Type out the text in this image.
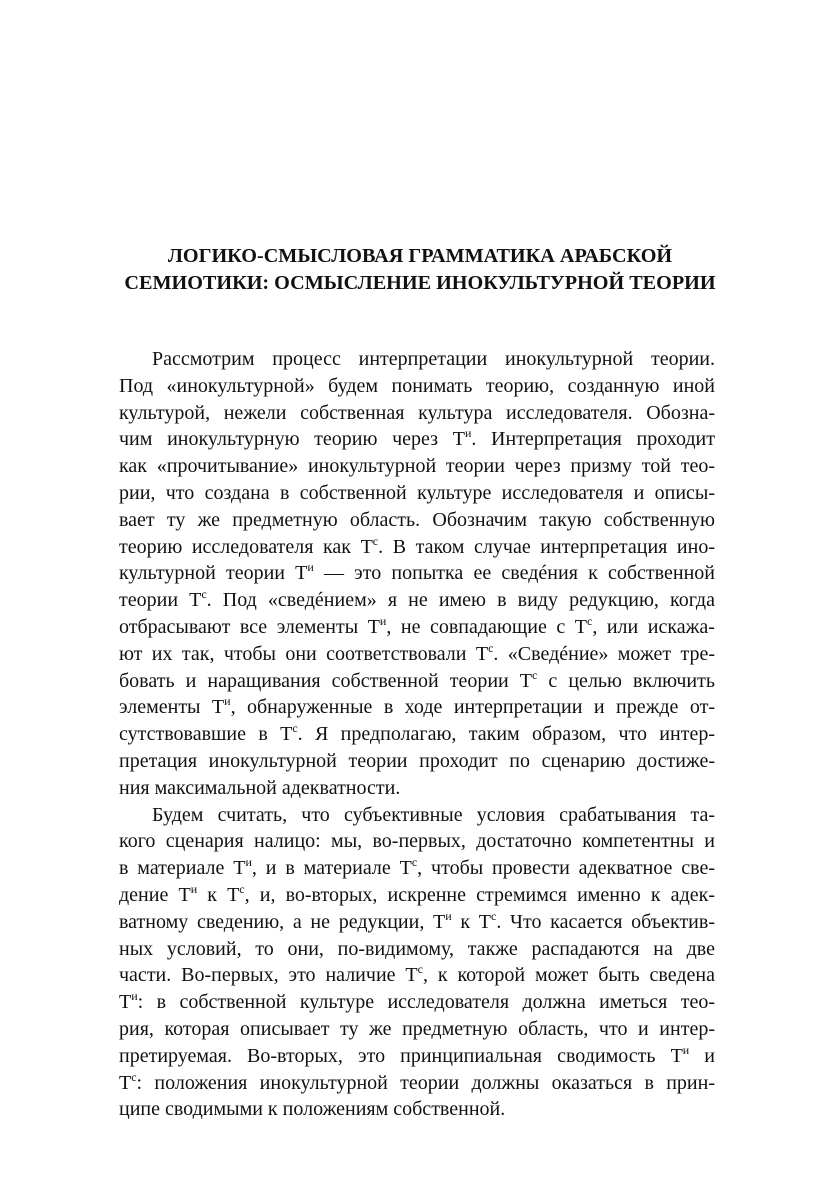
ЛОГИКО-СМЫСЛОВАЯ ГРАММАТИКА АРАБСКОЙ
СЕМИОТИКИ: ОСМЫСЛЕНИЕ ИНОКУЛЬТУРНОЙ ТЕОРИИ
Рассмотрим процесс интерпретации инокультурной теории.
Под «инокультурной» будем понимать теорию, созданную иной
культурой, нежели собственная культура исследователя. Обозна-
чим инокультурную теорию через $Т^и$. Интерпретация проходит
как «прочитывание» инокультурной теории через призму той тео-
рии, что создана в собственной культуре исследователя и описы-
вает ту же предметную область. Обозначим такую собственную
теорию исследователя как $Т^c$. В таком случае интерпретация ино-
культурной теории $Т^и$ — это попытка ее сведéния к собственной
теории $Т^c$. Под «сведéнием» я не имею в виду редукцию, когда
отбрасывают все элементы $Т^и$, не совпадающие с $Т^c$, или искажа-
ют их так, чтобы они соответствовали $Т^c$. «Сведéние» может тре-
бовать и наращивания собственной теории $Т^c$ с целью включить
элементы $Т^и$, обнаруженные в ходе интерпретации и прежде от-
сутствовавшие в $Т^c$. Я предполагаю, таким образом, что интер-
претация инокультурной теории проходит по сценарию достиже-
ния максимальной адекватности.
Будем считать, что субъективные условия срабатывания та-
кого сценария налицо: мы, во-первых, достаточно компетентны и
в материале $Т^и$, и в материале $Т^c$, чтобы провести адекватное све-
дение $Т^и$ к $Т^c$, и, во-вторых, искренне стремимся именно к адек-
ватному сведению, а не редукции, $Т^и$ к $Т^c$. Что касается объектив-
ных условий, то они, по-видимому, также распадаются на две
части. Во-первых, это наличие $Т^c$, к которой может быть сведена
$Т^и$: в собственной культуре исследователя должна иметься тео-
рия, которая описывает ту же предметную область, что и интер-
претируемая. Во-вторых, это принципиальная сводимость $Т^и$ и
$Т^c$: положения инокультурной теории должны оказаться в прин-
ципе сводимыми к положениям собственной.
